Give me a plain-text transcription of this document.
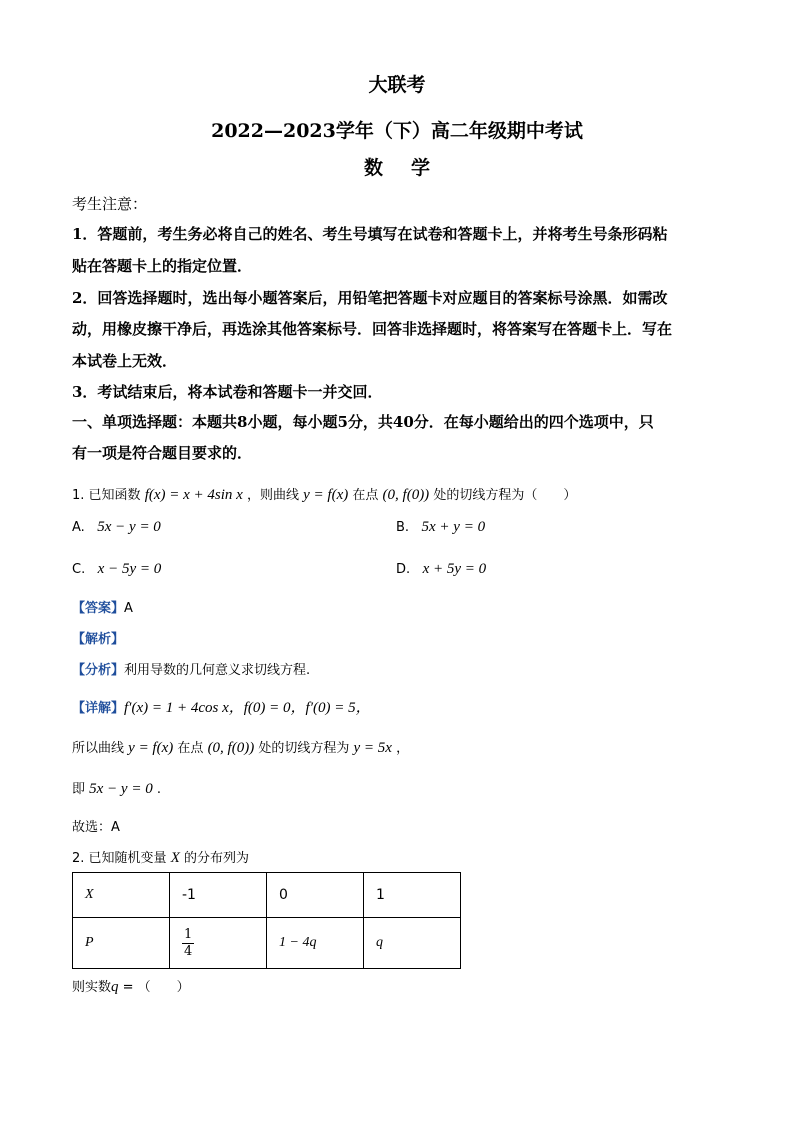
大联考
2022—2023学年（下）高二年级期中考试
数学
考生注意：
1．答题前，考生务必将自己的姓名、考生号填写在试卷和答题卡上，并将考生号条形码粘
贴在答题卡上的指定位置．
2．回答选择题时，选出每小题答案后，用铅笔把答题卡对应题目的答案标号涂黑．如需改
动，用橡皮擦干净后，再选涂其他答案标号．回答非选择题时，将答案写在答题卡上．写在
本试卷上无效．
3．考试结束后，将本试卷和答题卡一并交回．
一、单项选择题：本题共8小题，每小题5分，共40分．在每小题给出的四个选项中，只
有一项是符合题目要求的．
1. 已知函数 f(x) = x + 4sin x ，则曲线 y = f(x) 在点 (0, f(0)) 处的切线方程为（　　）
A. 5x − y = 0	B. 5x + y = 0
C. x − 5y = 0	D. x + 5y = 0
【答案】A
【解析】
【分析】利用导数的几何意义求切线方程.
【详解】f′(x) = 1 + 4cos x，f(0) = 0，f′(0) = 5，
所以曲线 y = f(x) 在点 (0, f(0)) 处的切线方程为 y = 5x ，
即 5x − y = 0 .
故选：A
2. 已知随机变量 X 的分布列为
X	-1	0	1
P	$\frac{1}{4}$	1 − 4q	q
则实数q = （　　）
